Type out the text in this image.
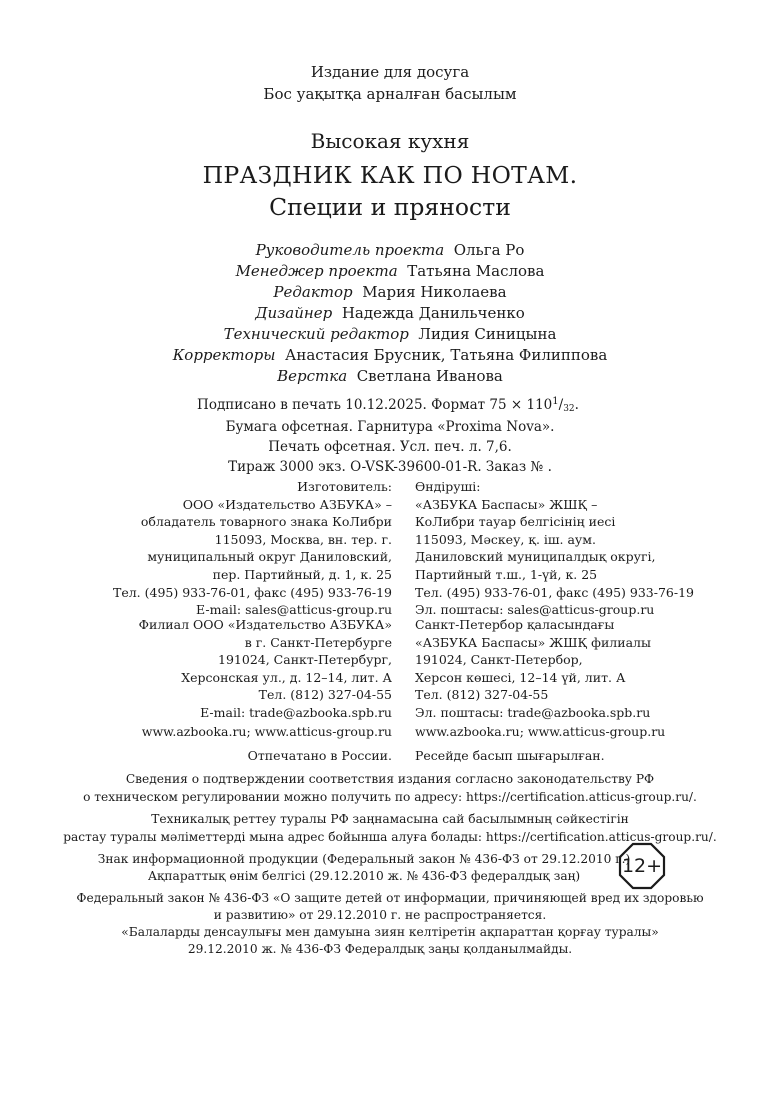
Издание для досуга
Бос уақытқа арналған басылым
Высокая кухня
ПРАЗДНИК КАК ПО НОТАМ.
Специи и пряности
Руководитель проекта Ольга Ро
Менеджер проекта Татьяна Маслова
Редактор Мария Николаева
Дизайнер Надежда Данильченко
Технический редактор Лидия Синицына
Корректоры Анастасия Брусник, Татьяна Филиппова
Верстка Светлана Иванова
Подписано в печать 10.12.2025. Формат $75 \times 110^1/32$.
Бумага офсетная. Гарнитура «Proxima Nova».
Печать офсетная. Усл. печ. л. 7,6.
Тираж 3000 экз. O-VSK-39600-01-R. Заказ № .
Изготовитель:
ООО «Издательство АЗБУКА» –
обладатель товарного знака КоЛибри
115093, Москва, вн. тер. г.
муниципальный округ Даниловский,
пер. Партийный, д. 1, к. 25
Тел. (495) 933-76-01, факс (495) 933-76-19
E-mail: sales@atticus-group.ru
Өндіруші:
«АЗБУКА Баспасы» ЖШҚ –
КоЛибри тауар белгісінің иесі
115093, Мәскеу, қ. іш. аум.
Даниловский муниципалдық округі,
Партийный т.ш., 1-үй, к. 25
Тел. (495) 933-76-01, факс (495) 933-76-19
Эл. поштасы: sales@atticus-group.ru
Филиал ООО «Издательство АЗБУКА»
в г. Санкт-Петербурге
191024, Санкт-Петербург,
Херсонская ул., д. 12–14, лит. А
Тел. (812) 327-04-55
E-mail: trade@azbooka.spb.ru
Санкт-Петербор қаласындағы
«АЗБУКА Баспасы» ЖШҚ филиалы
191024, Санкт-Петербор,
Херсон көшесі, 12–14 үй, лит. А
Тел. (812) 327-04-55
Эл. поштасы: trade@azbooka.spb.ru
www.azbooka.ru; www.atticus-group.ru www.azbooka.ru; www.atticus-group.ru
Отпечатано в России. Ресейде басып шығарылған.
Сведения о подтверждении соответствия издания согласно законодательству РФ
о техническом регулировании можно получить по адресу: https://certification.atticus-group.ru/.
Техникалық реттеу туралы РФ заңнамасына сай басылымның сәйкестігін
растау туралы мәліметтерді мына адрес бойынша алуға болады: https://certification.atticus-group.ru/.
Знак информационной продукции (Федеральный закон № 436-ФЗ от 29.12.2010 г.)
Ақпараттық өнім белгісі (29.12.2010 ж. № 436-ФЗ федералдық заң)	12+
Федеральный закон № 436-ФЗ «О защите детей от информации, причиняющей вред их здоровью
и развитию» от 29.12.2010 г. не распространяется.
«Балаларды денсаулығы мен дамуына зиян келтіретін ақпараттан қорғау туралы»
29.12.2010 ж. № 436-ФЗ Федералдық заңы қолданылмайды.
